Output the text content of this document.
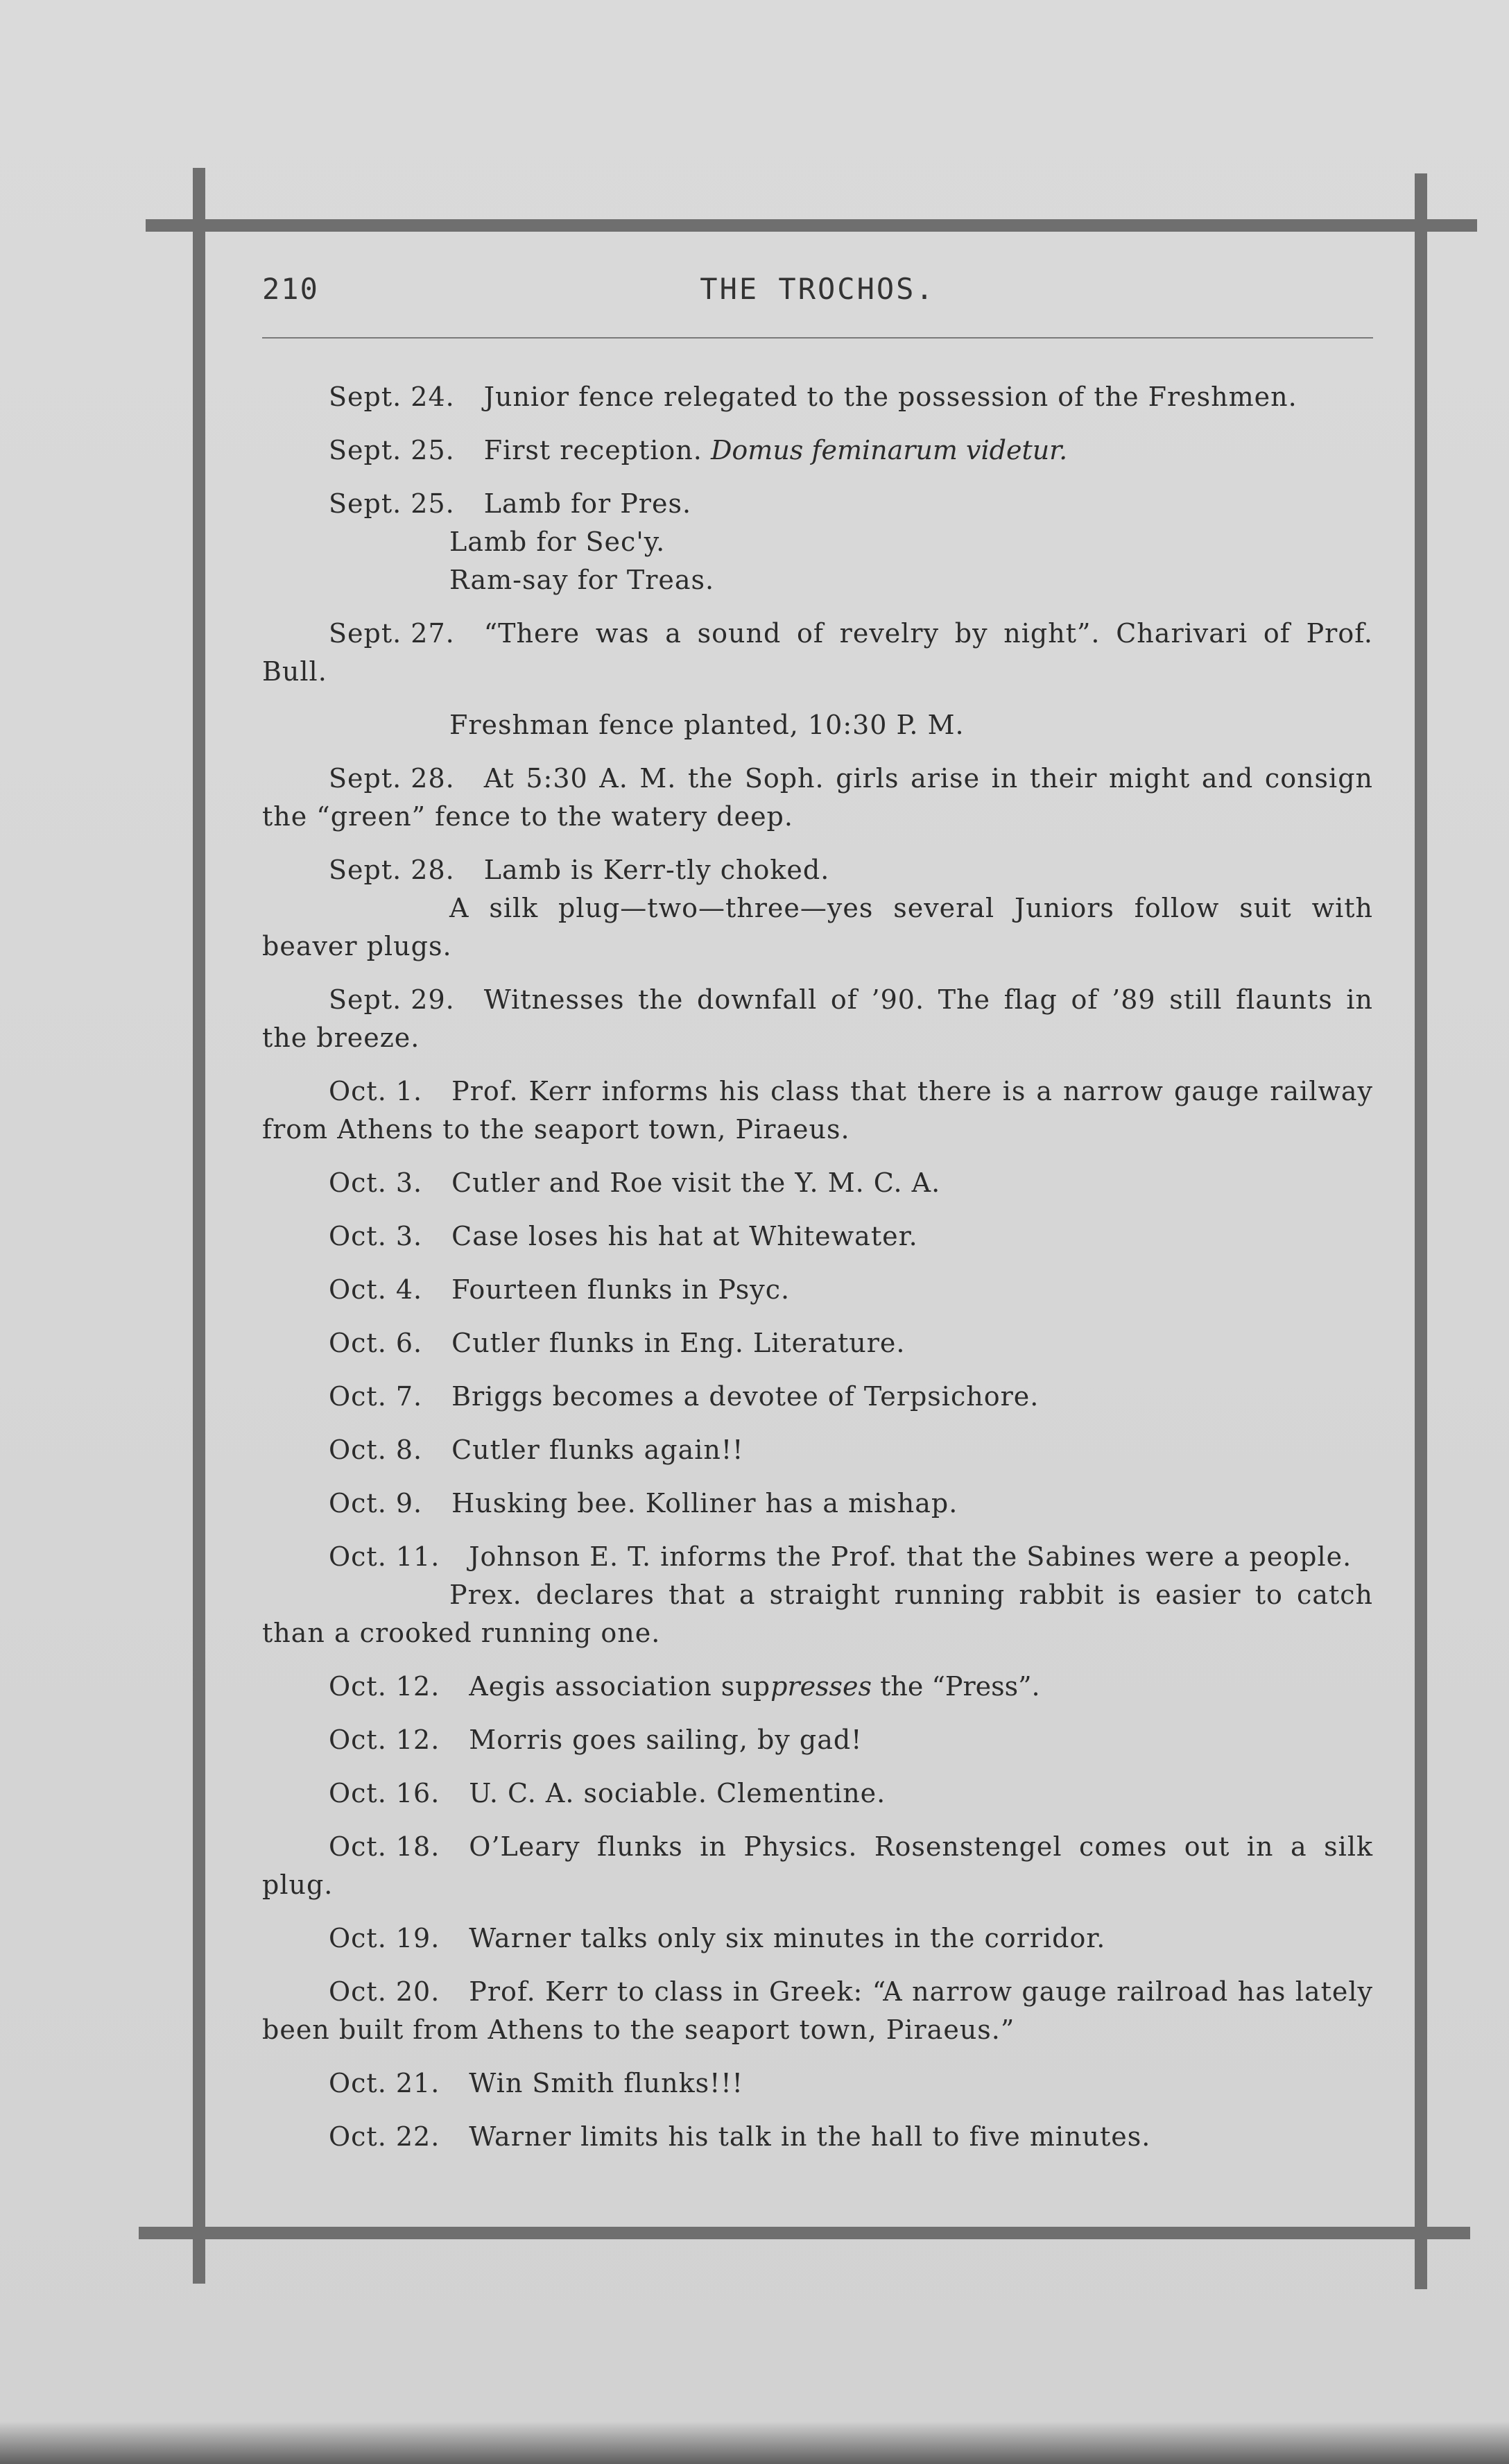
210	THE TROCHOS.

Sept. 24. Junior fence relegated to the possession of the Freshmen.

Sept. 25. First reception. Domus feminarum videtur.

Sept. 25. Lamb for Pres.
Lamb for Sec'y.
Ram-say for Treas.

Sept. 27. “There was a sound of revelry by night”. Charivari of Prof. Bull.
Freshman fence planted, 10:30 P. M.

Sept. 28. At 5:30 A. M. the Soph. girls arise in their might and consign the “green” fence to the watery deep.

Sept. 28. Lamb is Kerr-tly choked.
A silk plug—two—three—yes several Juniors follow suit with beaver plugs.

Sept. 29. Witnesses the downfall of ’90. The flag of ’89 still flaunts in the breeze.

Oct. 1. Prof. Kerr informs his class that there is a narrow gauge railway from Athens to the seaport town, Piraeus.

Oct. 3. Cutler and Roe visit the Y. M. C. A.

Oct. 3. Case loses his hat at Whitewater.

Oct. 4. Fourteen flunks in Psyc.

Oct. 6. Cutler flunks in Eng. Literature.

Oct. 7. Briggs becomes a devotee of Terpsichore.

Oct. 8. Cutler flunks again!!

Oct. 9. Husking bee. Kolliner has a mishap.

Oct. 11. Johnson E. T. informs the Prof. that the Sabines were a people.
Prex. declares that a straight running rabbit is easier to catch than a crooked running one.

Oct. 12. Aegis association suppresses the “Press”.

Oct. 12. Morris goes sailing, by gad!

Oct. 16. U. C. A. sociable. Clementine.

Oct. 18. O’Leary flunks in Physics. Rosenstengel comes out in a silk plug.

Oct. 19. Warner talks only six minutes in the corridor.

Oct. 20. Prof. Kerr to class in Greek: “A narrow gauge railroad has lately been built from Athens to the seaport town, Piraeus.”

Oct. 21. Win Smith flunks!!!

Oct. 22. Warner limits his talk in the hall to five minutes.
